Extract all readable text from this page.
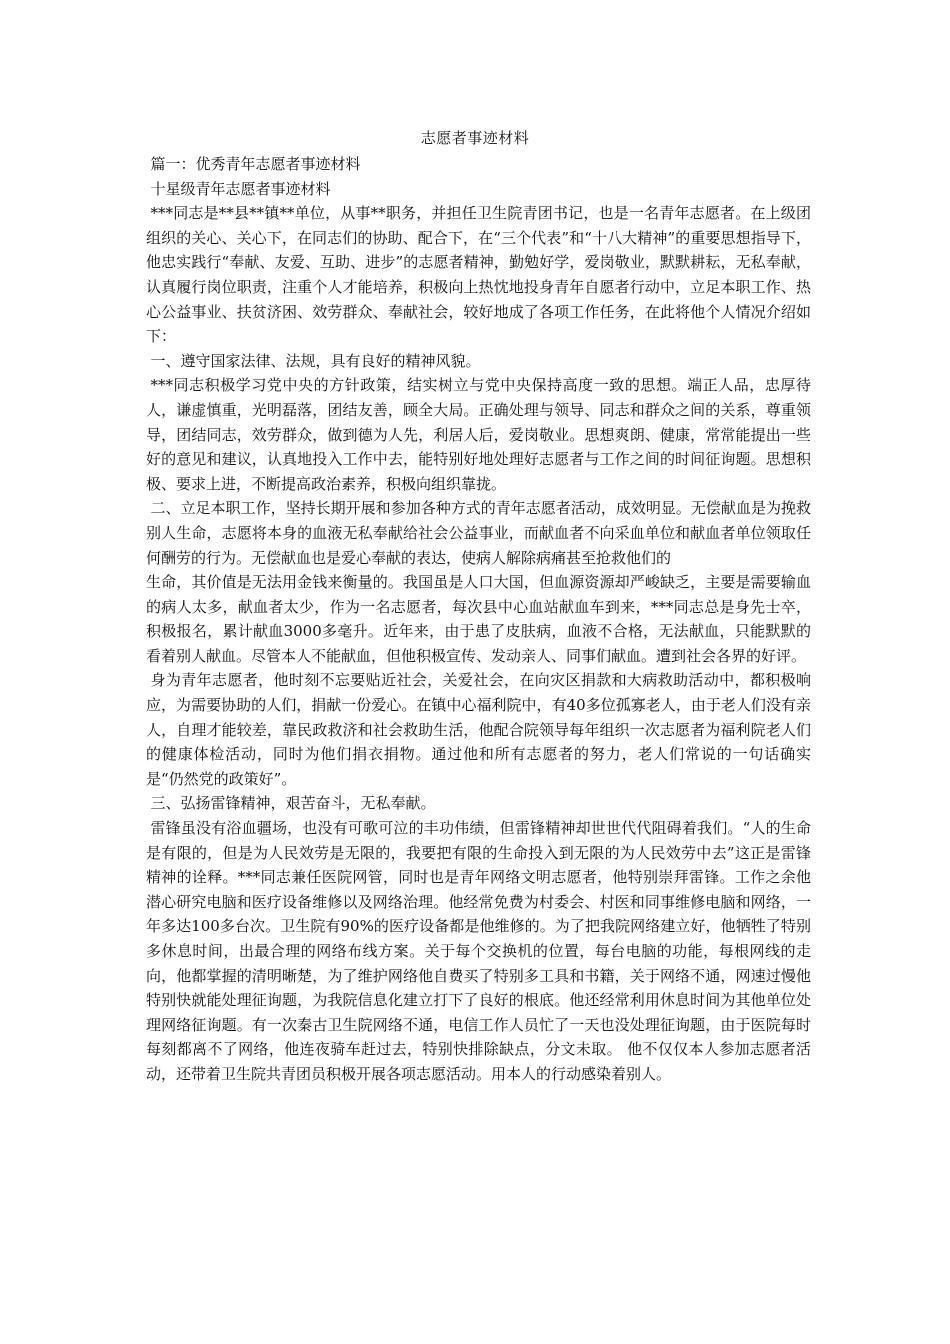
志愿者事迹材料

篇一：优秀青年志愿者事迹材料

十星级青年志愿者事迹材料

***同志是**县**镇**单位，从事**职务，并担任卫生院青团书记，也是一名青年志愿者。在上级团组织的关心、关心下，在同志们的协助、配合下，在“三个代表”和“十八大精神”的重要思想指导下，他忠实践行“奉献、友爱、互助、进步”的志愿者精神，勤勉好学，爱岗敬业，默默耕耘，无私奉献，认真履行岗位职责，注重个人才能培养，积极向上热忱地投身青年自愿者行动中，立足本职工作、热心公益事业、扶贫济困、效劳群众、奉献社会，较好地成了各项工作任务，在此将他个人情况介绍如下：

一、遵守国家法律、法规，具有良好的精神风貌。

***同志积极学习党中央的方针政策，结实树立与党中央保持高度一致的思想。端正人品，忠厚待人，谦虚慎重，光明磊落，团结友善，顾全大局。正确处理与领导、同志和群众之间的关系，尊重领导，团结同志，效劳群众，做到德为人先，利居人后，爱岗敬业。思想爽朗、健康，常常能提出一些好的意见和建议，认真地投入工作中去，能特别好地处理好志愿者与工作之间的时间征询题。思想积极、要求上进，不断提高政治素养，积极向组织靠拢。

二、立足本职工作，坚持长期开展和参加各种方式的青年志愿者活动，成效明显。无偿献血是为挽救别人生命，志愿将本身的血液无私奉献给社会公益事业，而献血者不向采血单位和献血者单位领取任何酬劳的行为。无偿献血也是爱心奉献的表达，使病人解除病痛甚至抢救他们的

生命，其价值是无法用金钱来衡量的。我国虽是人口大国，但血源资源却严峻缺乏，主要是需要输血的病人太多，献血者太少，作为一名志愿者，每次县中心血站献血车到来，***同志总是身先士卒，积极报名，累计献血3000多毫升。近年来，由于患了皮肤病，血液不合格，无法献血，只能默默的看着别人献血。尽管本人不能献血，但他积极宣传、发动亲人、同事们献血。遭到社会各界的好评。

身为青年志愿者，他时刻不忘要贴近社会，关爱社会，在向灾区捐款和大病救助活动中，都积极响应，为需要协助的人们，捐献一份爱心。在镇中心福利院中，有40多位孤寡老人，由于老人们没有亲人，自理才能较差，靠民政救济和社会救助生活，他配合院领导每年组织一次志愿者为福利院老人们的健康体检活动，同时为他们捐衣捐物。通过他和所有志愿者的努力，老人们常说的一句话确实是“仍然党的政策好”。

三、弘扬雷锋精神，艰苦奋斗，无私奉献。

雷锋虽没有浴血疆场，也没有可歌可泣的丰功伟绩，但雷锋精神却世世代代阻碍着我们。“人的生命是有限的，但是为人民效劳是无限的，我要把有限的生命投入到无限的为人民效劳中去”这正是雷锋精神的诠释。***同志兼任医院网管，同时也是青年网络文明志愿者，他特别崇拜雷锋。工作之余他潜心研究电脑和医疗设备维修以及网络治理。他经常免费为村委会、村医和同事维修电脑和网络，一年多达100多台次。卫生院有90%的医疗设备都是他维修的。为了把我院网络建立好，他牺牲了特别多休息时间，出最合理的网络布线方案。关于每个交换机的位置，每台电脑的功能，每根网线的走向，他都掌握的清明晰楚，为了维护网络他自费买了特别多工具和书籍，关于网络不通，网速过慢他特别快就能处理征询题，为我院信息化建立打下了良好的根底。他还经常利用休息时间为其他单位处理网络征询题。有一次秦古卫生院网络不通，电信工作人员忙了一天也没处理征询题，由于医院每时每刻都离不了网络，他连夜骑车赶过去，特别快排除缺点，分文未取。 他不仅仅本人参加志愿者活动，还带着卫生院共青团员积极开展各项志愿活动。用本人的行动感染着别人。
